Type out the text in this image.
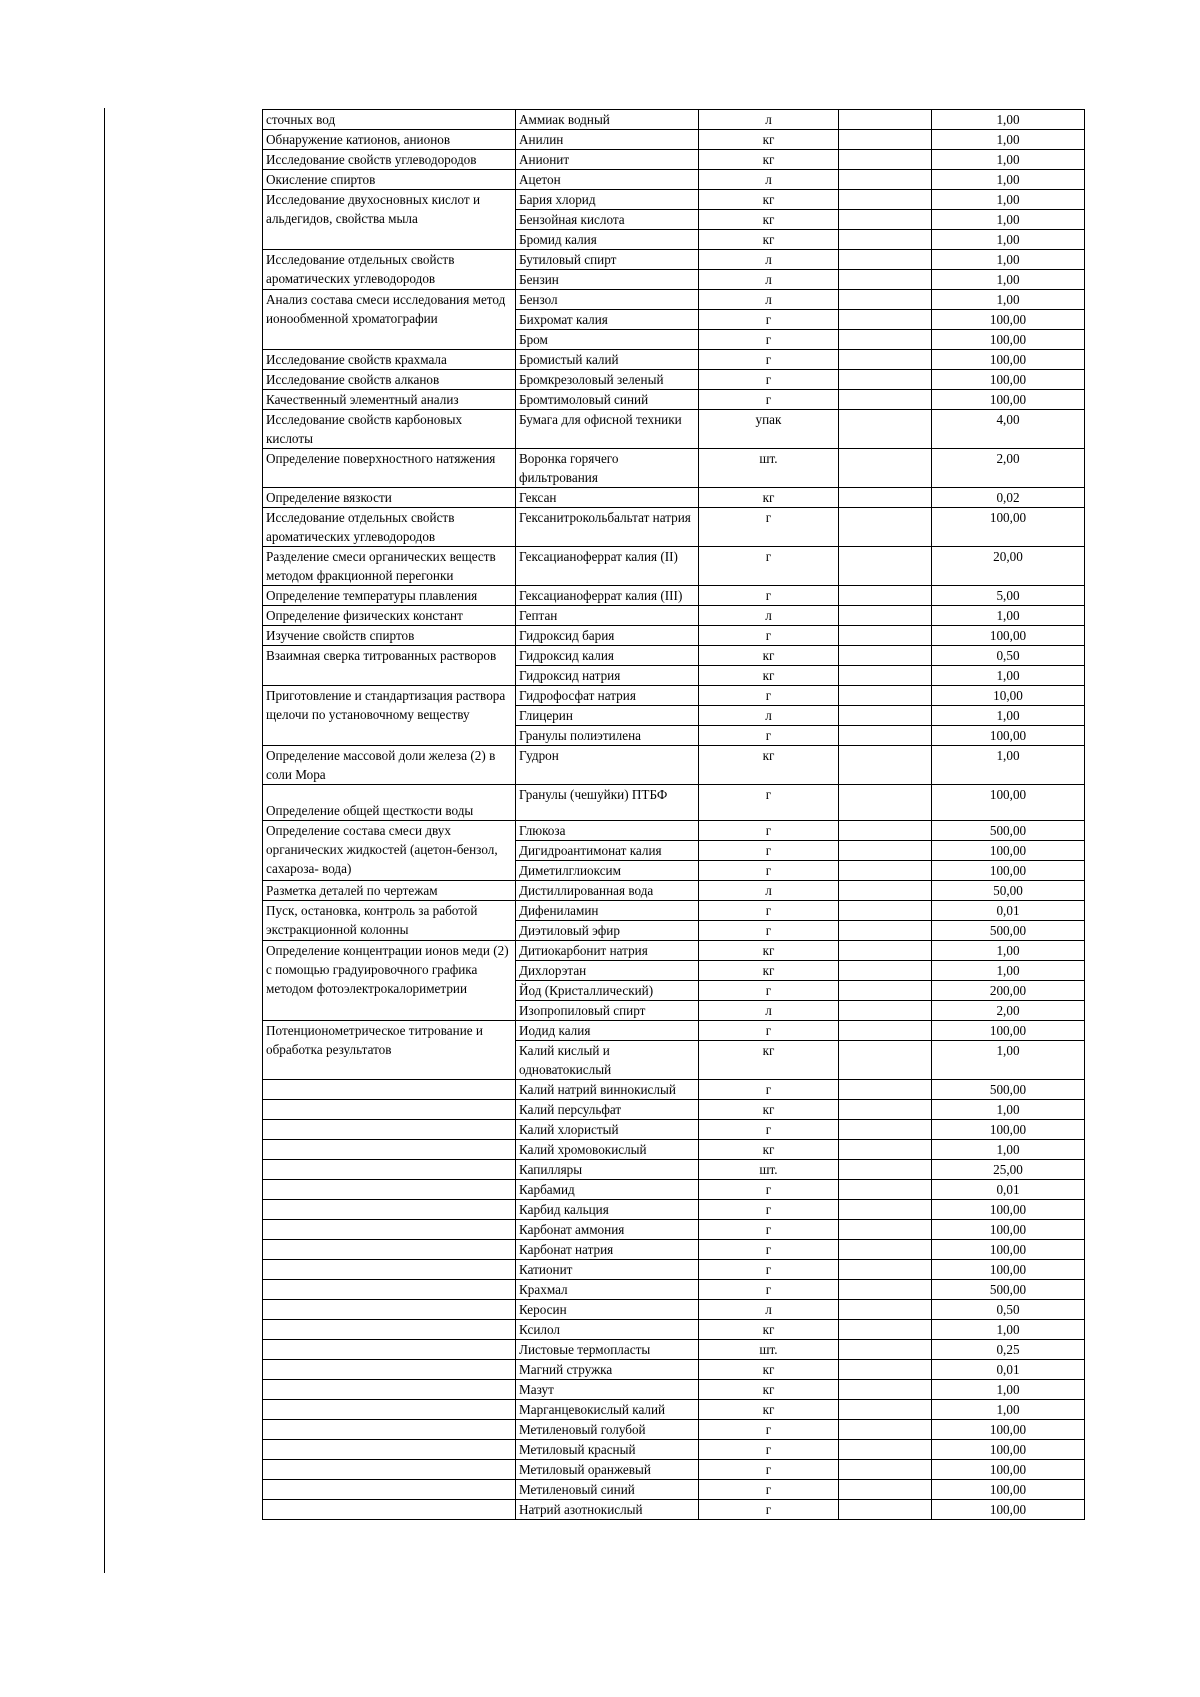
сточных вод	Аммиак водный	л		1,00
Обнаружение катионов, анионов	Анилин	кг		1,00
Исследование свойств углеводородов	Анионит	кг		1,00
Окисление спиртов	Ацетон	л		1,00
Исследование двухосновных кислот и альдегидов, свойства мыла	Бария хлорид	кг		1,00
	Бензойная кислота	кг		1,00
	Бромид калия	кг		1,00
Исследование отдельных свойств ароматических углеводородов	Бутиловый спирт	л		1,00
	Бензин	л		1,00
Анализ состава смеси исследования метод ионообменной хроматографии	Бензол	л		1,00
	Бихромат калия	г		100,00
	Бром	г		100,00
Исследование свойств крахмала	Бромистый калий	г		100,00
Исследование свойств алканов	Бромкрезоловый зеленый	г		100,00
Качественный элементный анализ	Бромтимоловый синий	г		100,00
Исследование свойств карбоновых кислоты	Бумага для офисной техники	упак		4,00
Определение поверхностного натяжения	Воронка горячего фильтрования	шт.		2,00
Определение вязкости	Гексан	кг		0,02
Исследование отдельных свойств ароматических углеводородов	Гексанитрокольбальтат натрия	г		100,00
Разделение смеси органических веществ методом фракционной перегонки	Гексацианоферрат калия (II)	г		20,00
Определение температуры плавления	Гексацианоферрат калия (III)	г		5,00
Определение физических констант	Гептан	л		1,00
Изучение свойств спиртов	Гидроксид бария	г		100,00
Взаимная сверка титрованных растворов	Гидроксид калия	кг		0,50
	Гидроксид натрия	кг		1,00
Приготовление и стандартизация раствора щелочи по установочному веществу	Гидрофосфат натрия	г		10,00
	Глицерин	л		1,00
	Гранулы полиэтилена	г		100,00
Определение массовой доли железа (2) в соли Мора	Гудрон	кг		1,00
Определение общей щесткости воды	Гранулы (чешуйки) ПТБФ	г		100,00
Определение состава смеси двух органических жидкостей (ацетон-бензол, сахароза- вода)	Глюкоза	г		500,00
	Дигидроантимонат калия	г		100,00
	Диметилглиоксим	г		100,00
Разметка деталей по чертежам	Дистиллированная вода	л		50,00
Пуск, остановка, контроль за работой экстракционной колонны	Дифениламин	г		0,01
	Диэтиловый эфир	г		500,00
Определение концентрации ионов меди (2) с помощью градуировочного графика методом фотоэлектрокалориметрии	Дитиокарбонит натрия	кг		1,00
	Дихлорэтан	кг		1,00
	Йод (Кристаллический)	г		200,00
	Изопропиловый спирт	л		2,00
Потенционометрическое титрование и обработка результатов	Иодид калия	г		100,00
	Калий кислый и одноватокислый	кг		1,00
	Калий натрий виннокислый	г		500,00
	Калий персульфат	кг		1,00
	Калий хлористый	г		100,00
	Калий хромовокислый	кг		1,00
	Капилляры	шт.		25,00
	Карбамид	г		0,01
	Карбид кальция	г		100,00
	Карбонат аммония	г		100,00
	Карбонат натрия	г		100,00
	Катионит	г		100,00
	Крахмал	г		500,00
	Керосин	л		0,50
	Ксилол	кг		1,00
	Листовые термопласты	шт.		0,25
	Магний стружка	кг		0,01
	Мазут	кг		1,00
	Марганцевокислый калий	кг		1,00
	Метиленовый голубой	г		100,00
	Метиловый красный	г		100,00
	Метиловый оранжевый	г		100,00
	Метиленовый синий	г		100,00
	Натрий азотнокислый	г		100,00
